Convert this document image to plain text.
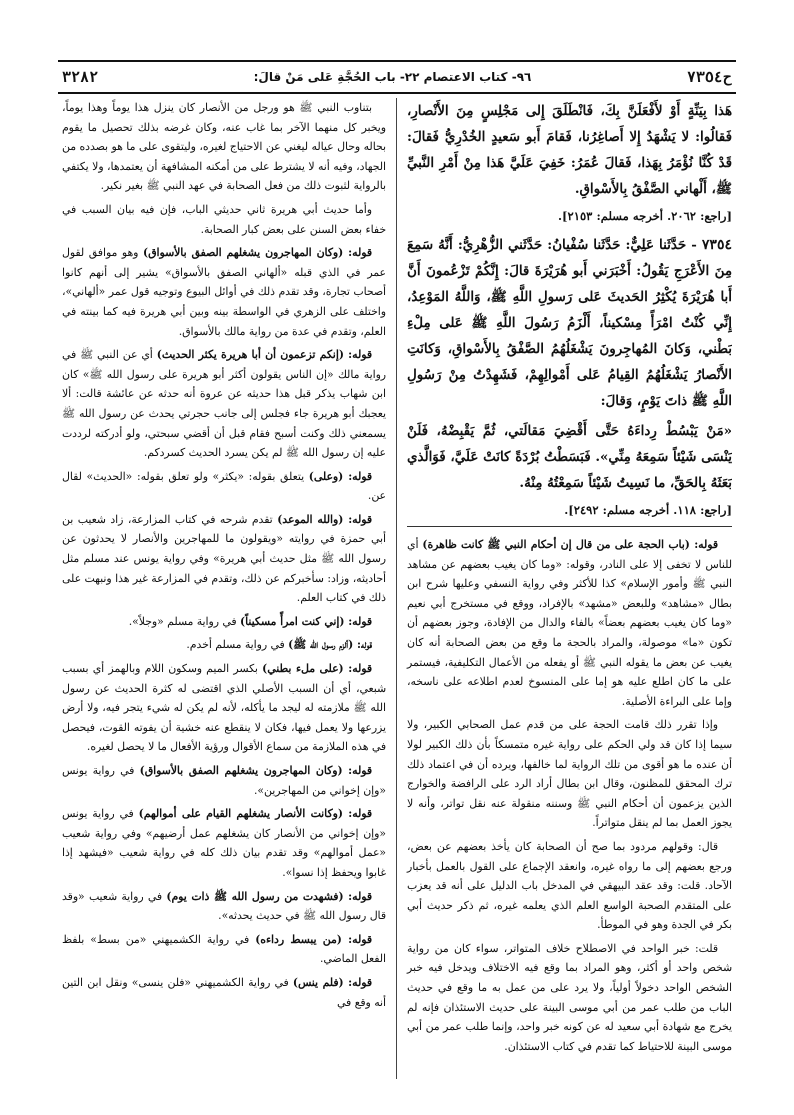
ح٧٣٥٤
٩٦- كتاب الاعتصام ٢٢- باب الحُجَّةِ عَلى مَنْ قالَ:
٣٢٨٢

هَذا بِيَنِّةٍ أَوْ لأَفْعَلَنَّ بِكَ، فَانْطَلَقَ إِلى مَجْلِسٍ مِنَ الأَنْصارِ، فَقالُوا: لا يَشْهَدُ إِلا أَصاغِرُنا، فَقامَ أَبو سَعيدٍ الخُدْرِيُّ فَقالَ: قَدْ كُنَّا نُؤْمَرُ بِهَذا، فَقالَ عُمَرُ: خَفِيَ عَلَيَّ هَذا مِنْ أَمْرِ النَّبيِّ ﷺ، أَلْهاني الصَّفْقُ بِالأَسْواقِ.

[راجع: ٢٠٦٢. أخرجه مسلم: ٢١٥٣].

٧٣٥٤ - حَدَّثَنا عَلِيٌّ: حَدَّثَنا سُفْيانُ: حَدَّثَني الزُّهْرِيُّ: أَنَّهُ سَمِعَ مِنَ الأَعْرَجِ يَقُولُ: أَخْبَرَني أَبو هُرَيْرَةَ قالَ: إِنَّكُمْ تَزْعُمونَ أَنَّ أَبا هُرَيْرَةَ يُكْثِرُ الحَديثَ عَلى رَسولِ اللَّهِ ﷺ، وَاللَّهُ المَوْعِدُ، إِنِّي كُنْتُ امْرَأً مِسْكيناً، أَلْزَمُ رَسُولَ اللَّهِ ﷺ عَلى مِلْءِ بَطْني، وَكانَ المُهاجِرونَ يَشْغَلُهُمُ الصَّفْقُ بِالأَسْواقِ، وَكانَتِ الأَنْصارُ يَشْغَلُهُمُ القِيامُ عَلى أَمْوالِهِمْ، فَشَهِدْتُ مِنْ رَسُولِ اللَّهِ ﷺ ذاتَ يَوْمٍ، وَقالَ:

«مَنْ يَبْسُطْ رِداءَهُ حَتَّى أَقْضِيَ مَقالَتي، ثُمَّ يَقْبِضْهُ، فَلَنْ يَنْسَى شَيْئاً سَمِعَهُ مِنِّي». فَبَسَطْتُ بُرْدَةً كانَتْ عَلَيَّ، فَوَالَّذي بَعَثَهُ بِالحَقِّ، ما نَسِيتُ شَيْئاً سَمِعْتُهُ مِنْهُ.

[راجع: ١١٨. أخرجه مسلم: ٢٤٩٢].

قوله: (باب الحجة على من قال إن أحكام النبي ﷺ كانت ظاهرة) أي للناس لا تخفى إلا على النادر، وقوله: «وما كان يغيب بعضهم عن مشاهد النبي ﷺ وأمور الإسلام» كذا للأكثر وفي رواية النسفي وعليها شرح ابن بطال «مشاهد» وللبعض «مشهد» بالإفراد، ووقع في مستخرج أبي نعيم «وما كان يغيب بعضهم بعضاً» بالفاء والدال من الإفادة، وجوز بعضهم أن تكون «ما» موصولة، والمراد بالحجة ما وقع من بعض الصحابة أنه كان يغيب عن بعض ما يقوله النبي ﷺ أو يفعله من الأعمال التكليفية، فيستمر على ما كان اطلع عليه هو إما على المنسوخ لعدم اطلاعه على ناسخه، وإما على البراءة الأصلية.

وإذا تقرر ذلك قامت الحجة على من قدم عمل الصحابي الكبير، ولا سيما إذا كان قد ولي الحكم على رواية غيره متمسكاً بأن ذلك الكبير لولا أن عنده ما هو أقوى من تلك الرواية لما خالفها، ويرده أن في اعتماد ذلك ترك المحقق للمظنون، وقال ابن بطال أراد الرد على الرافضة والخوارج الذين يزعمون أن أحكام النبي ﷺ وسننه منقولة عنه نقل تواتر، وأنه لا يجوز العمل بما لم ينقل متواتراً.

قال: وقولهم مردود بما صح أن الصحابة كان يأخذ بعضهم عن بعض، ورجع بعضهم إلى ما رواه غيره، وانعقد الإجماع على القول بالعمل بأخبار الآحاد. قلت: وقد عقد البيهقي في المدخل باب الدليل على أنه قد يعزب على المتقدم الصحبة الواسع العلم الذي يعلمه غيره، ثم ذكر حديث أبي بكر في الجدة وهو في الموطأ.

قلت: خبر الواحد في الاصطلاح خلاف المتواتر، سواء كان من رواية شخص واحد أو أكثر، وهو المراد بما وقع فيه الاختلاف ويدخل فيه خبر الشخص الواحد دخولاً أولياً، ولا يرد على من عمل به ما وقع في حديث الباب من طلب عمر من أبي موسى البينة على حديث الاستئذان فإنه لم يخرج مع شهادة أبي سعيد له عن كونه خبر واحد، وإنما طلب عمر من أبي موسى البينة للاحتياط كما تقدم في كتاب الاستئذان.

بتناوب النبي ﷺ هو ورجل من الأنصار كان ينزل هذا يوماً وهذا يوماً، ويخبر كل منهما الآخر بما غاب عنه، وكان غرضه بذلك تحصيل ما يقوم بحاله وحال عياله ليغني عن الاحتياج لغيره، وليتقوى على ما هو بصدده من الجهاد، وفيه أنه لا يشترط على من أمكنه المشافهة أن يعتمدها، ولا يكتفي بالرواية لثبوت ذلك من فعل الصحابة في عهد النبي ﷺ بغير نكير.

وأما حديث أبي هريرة ثاني حديثي الباب، فإن فيه بيان السبب في خفاء بعض السنن على بعض كبار الصحابة.

قوله: (وكان المهاجرون يشغلهم الصفق بالأسواق) وهو موافق لقول عمر في الذي قبله «ألهاني الصفق بالأسواق» يشير إلى أنهم كانوا أصحاب تجارة، وقد تقدم ذلك في أوائل البيوع وتوجيه قول عمر «ألهاني»، واختلف على الزهري في الواسطة بينه وبين أبي هريرة فيه كما بينته في العلم، وتقدم في عدة من رواية مالك بالأسواق.

قوله: (إنكم تزعمون أن أبا هريرة يكثر الحديث) أي عن النبي ﷺ في رواية مالك «إن الناس يقولون أكثر أبو هريرة على رسول الله ﷺ» كان ابن شهاب يذكر قبل هذا حديثه عن عروة أنه حدثه عن عائشة قالت: ألا يعجبك أبو هريرة جاء فجلس إلى جانب حجرتي يحدث عن رسول الله ﷺ يسمعني ذلك وكنت أسبح فقام قبل أن أقضي سبحتي، ولو أدركته لرددت عليه إن رسول الله ﷺ لم يكن يسرد الحديث كسردكم.

قوله: (وعلى) يتعلق بقوله: «يكثر» ولو تعلق بقوله: «الحديث» لقال عن.

قوله: (والله الموعد) تقدم شرحه في كتاب المزارعة، زاد شعيب بن أبي حمزة في روايته «ويقولون ما للمهاجرين والأنصار لا يحدثون عن رسول الله ﷺ مثل حديث أبي هريرة» وفي رواية يونس عند مسلم مثل أحاديثه، وزاد: سأخبركم عن ذلك، وتقدم في المزارعة غير هذا ونبهت على ذلك في كتاب العلم.

قوله: (إني كنت امرأً مسكيناً) في رواية مسلم «وجلاً».

قوله: (ألزم رسول الله ﷺ) في رواية مسلم أخدم.

قوله: (على ملء بطني) بكسر الميم وسكون اللام وبالهمز أي بسبب شبعي، أي أن السبب الأصلي الذي اقتضى له كثرة الحديث عن رسول الله ﷺ ملازمته له ليجد ما يأكله، لأنه لم يكن له شيء يتجر فيه، ولا أرض يزرعها ولا يعمل فيها، فكان لا ينقطع عنه خشية أن يفوته القوت، فيحصل في هذه الملازمة من سماع الأقوال ورؤية الأفعال ما لا يحصل لغيره.

قوله: (وكان المهاجرون يشغلهم الصفق بالأسواق) في رواية يونس «وإن إخواني من المهاجرين».

قوله: (وكانت الأنصار يشغلهم القيام على أموالهم) في رواية يونس «وإن إخواني من الأنصار كان يشغلهم عمل أرضيهم» وفي رواية شعيب «عمل أموالهم» وقد تقدم بيان ذلك كله في رواية شعيب «فيشهد إذا غابوا ويحفظ إذا نسوا».

قوله: (فشهدت من رسول الله ﷺ ذات يوم) في رواية شعيب «وقد قال رسول الله ﷺ في حديث يحدثه».

قوله: (من يبسط رداءه) في رواية الكشميهني «من بسط» بلفظ الفعل الماضي.

قوله: (فلم ينس) في رواية الكشميهني «فلن ينسى» ونقل ابن التين أنه وقع في
